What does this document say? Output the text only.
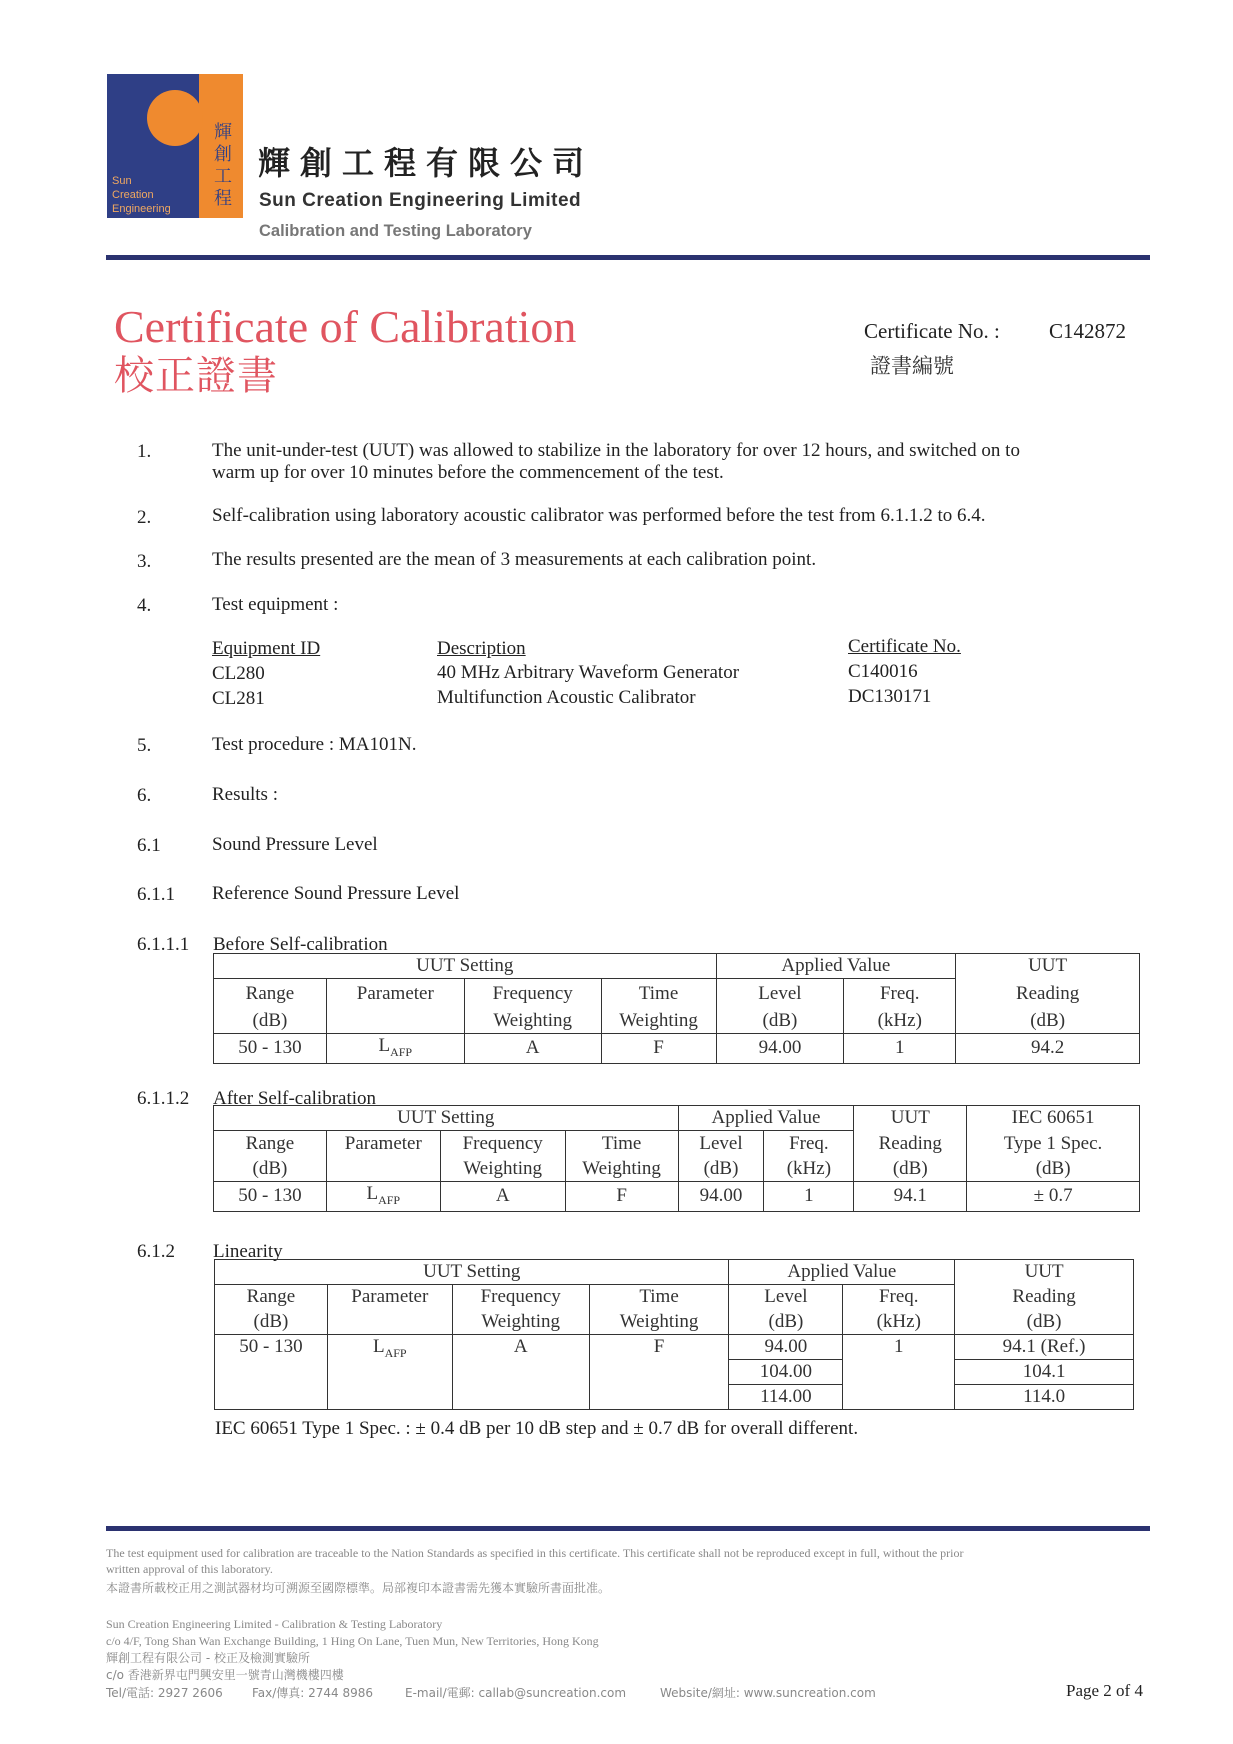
Sun
Creation
Engineering
輝
創
工
程
輝創工程有限公司
Sun Creation Engineering Limited
Calibration and Testing Laboratory
Certificate of Calibration
校正證書
Certificate No. : C142872
證書編號
1.	The unit-under-test (UUT) was allowed to stabilize in the laboratory for over 12 hours, and switched on to
warm up for over 10 minutes before the commencement of the test.
2.	Self-calibration using laboratory acoustic calibrator was performed before the test from 6.1.1.2 to 6.4.
3.	The results presented are the mean of 3 measurements at each calibration point.
4.	Test equipment :
Equipment ID	Description	Certificate No.
CL280	40 MHz Arbitrary Waveform Generator	C140016
CL281	Multifunction Acoustic Calibrator	DC130171
5.	Test procedure : MA101N.
6.	Results :
6.1	Sound Pressure Level
6.1.1 Reference Sound Pressure Level
6.1.1.1 Before Self-calibration
UUT Setting				Applied Value		UUT
Range	Parameter	Frequency	Time	Level	Freq.	Reading
(dB)		Weighting	Weighting	(dB)	(kHz)	(dB)
50 - 130	$L_{AFP}$	A	F	94.00	1	94.2
6.1.1.2 After Self-calibration
UUT Setting				Applied Value		UUT	IEC 60651
Range	Parameter	Frequency	Time	Level	Freq.	Reading	Type 1 Spec.
(dB)		Weighting	Weighting	(dB)	(kHz)	(dB)	(dB)
50 - 130	$L_{AFP}$	A	F	94.00	1	94.1	± 0.7
6.1.2 Linearity
UUT Setting				Applied Value		UUT
Range	Parameter	Frequency	Time	Level	Freq.	Reading
(dB)		Weighting	Weighting	(dB)	(kHz)	(dB)
50 - 130	$L_{AFP}$	A	F	94.00	1	94.1 (Ref.)
				104.00		104.1
				114.00		114.0
IEC 60651 Type 1 Spec. : ± 0.4 dB per 10 dB step and ± 0.7 dB for overall different.
The test equipment used for calibration are traceable to the Nation Standards as specified in this certificate. This certificate shall not be reproduced except in full, without the prior
written approval of this laboratory.
本證書所載校正用之測試器材均可溯源至國際標準。局部複印本證書需先獲本實驗所書面批准。
Sun Creation Engineering Limited - Calibration & Testing Laboratory
c/o 4/F, Tong Shan Wan Exchange Building, 1 Hing On Lane, Tuen Mun, New Territories, Hong Kong
輝創工程有限公司 - 校正及檢測實驗所
c/o 香港新界屯門興安里一號青山灣機樓四樓
Tel/電話: 2927 2606 Fax/傳真: 2744 8986	E-mail/電郵: callab@suncreation.com	Website/網址: www.suncreation.com	Page 2 of 4
